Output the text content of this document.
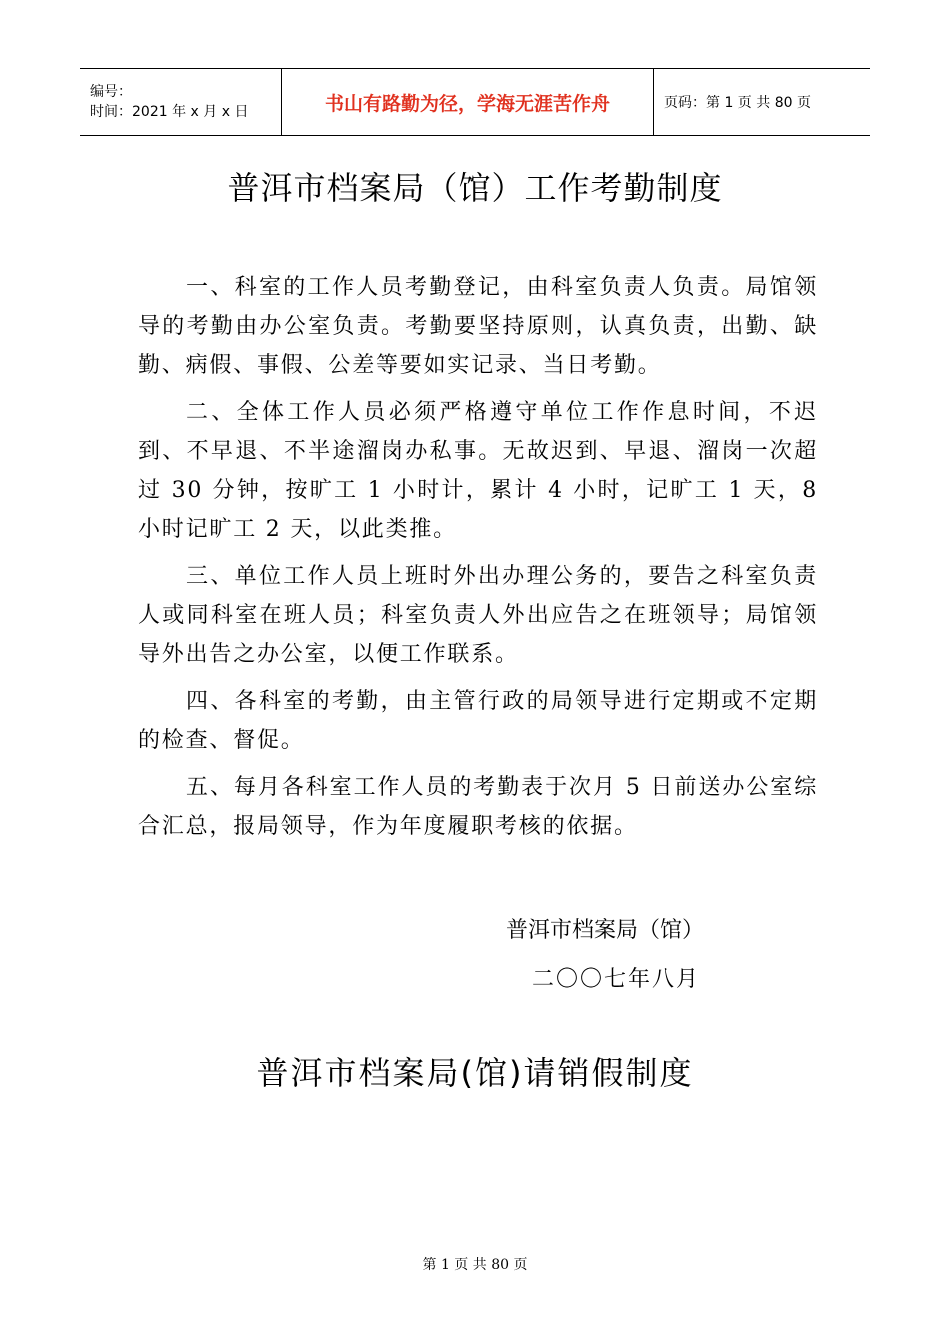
编号：
时间：2021 年 x 月 x 日	书山有路勤为径，学海无涯苦作舟	页码：第 1 页 共 80 页
普洱市档案局（馆）工作考勤制度

一、科室的工作人员考勤登记，由科室负责人负责。局馆领导的考勤由办公室负责。考勤要坚持原则，认真负责，出勤、缺勤、病假、事假、公差等要如实记录、当日考勤。

二、全体工作人员必须严格遵守单位工作作息时间，不迟到、不早退、不半途溜岗办私事。无故迟到、早退、溜岗一次超过 30 分钟，按旷工 1 小时计，累计 4 小时，记旷工 1 天，8 小时记旷工 2 天，以此类推。

三、单位工作人员上班时外出办理公务的，要告之科室负责人或同科室在班人员；科室负责人外出应告之在班领导；局馆领导外出告之办公室，以便工作联系。

四、各科室的考勤，由主管行政的局领导进行定期或不定期的检查、督促。

五、每月各科室工作人员的考勤表于次月 5 日前送办公室综合汇总，报局领导，作为年度履职考核的依据。

普洱市档案局（馆）
二〇〇七年八月
普洱市档案局(馆)请销假制度
第 1 页 共 80 页
